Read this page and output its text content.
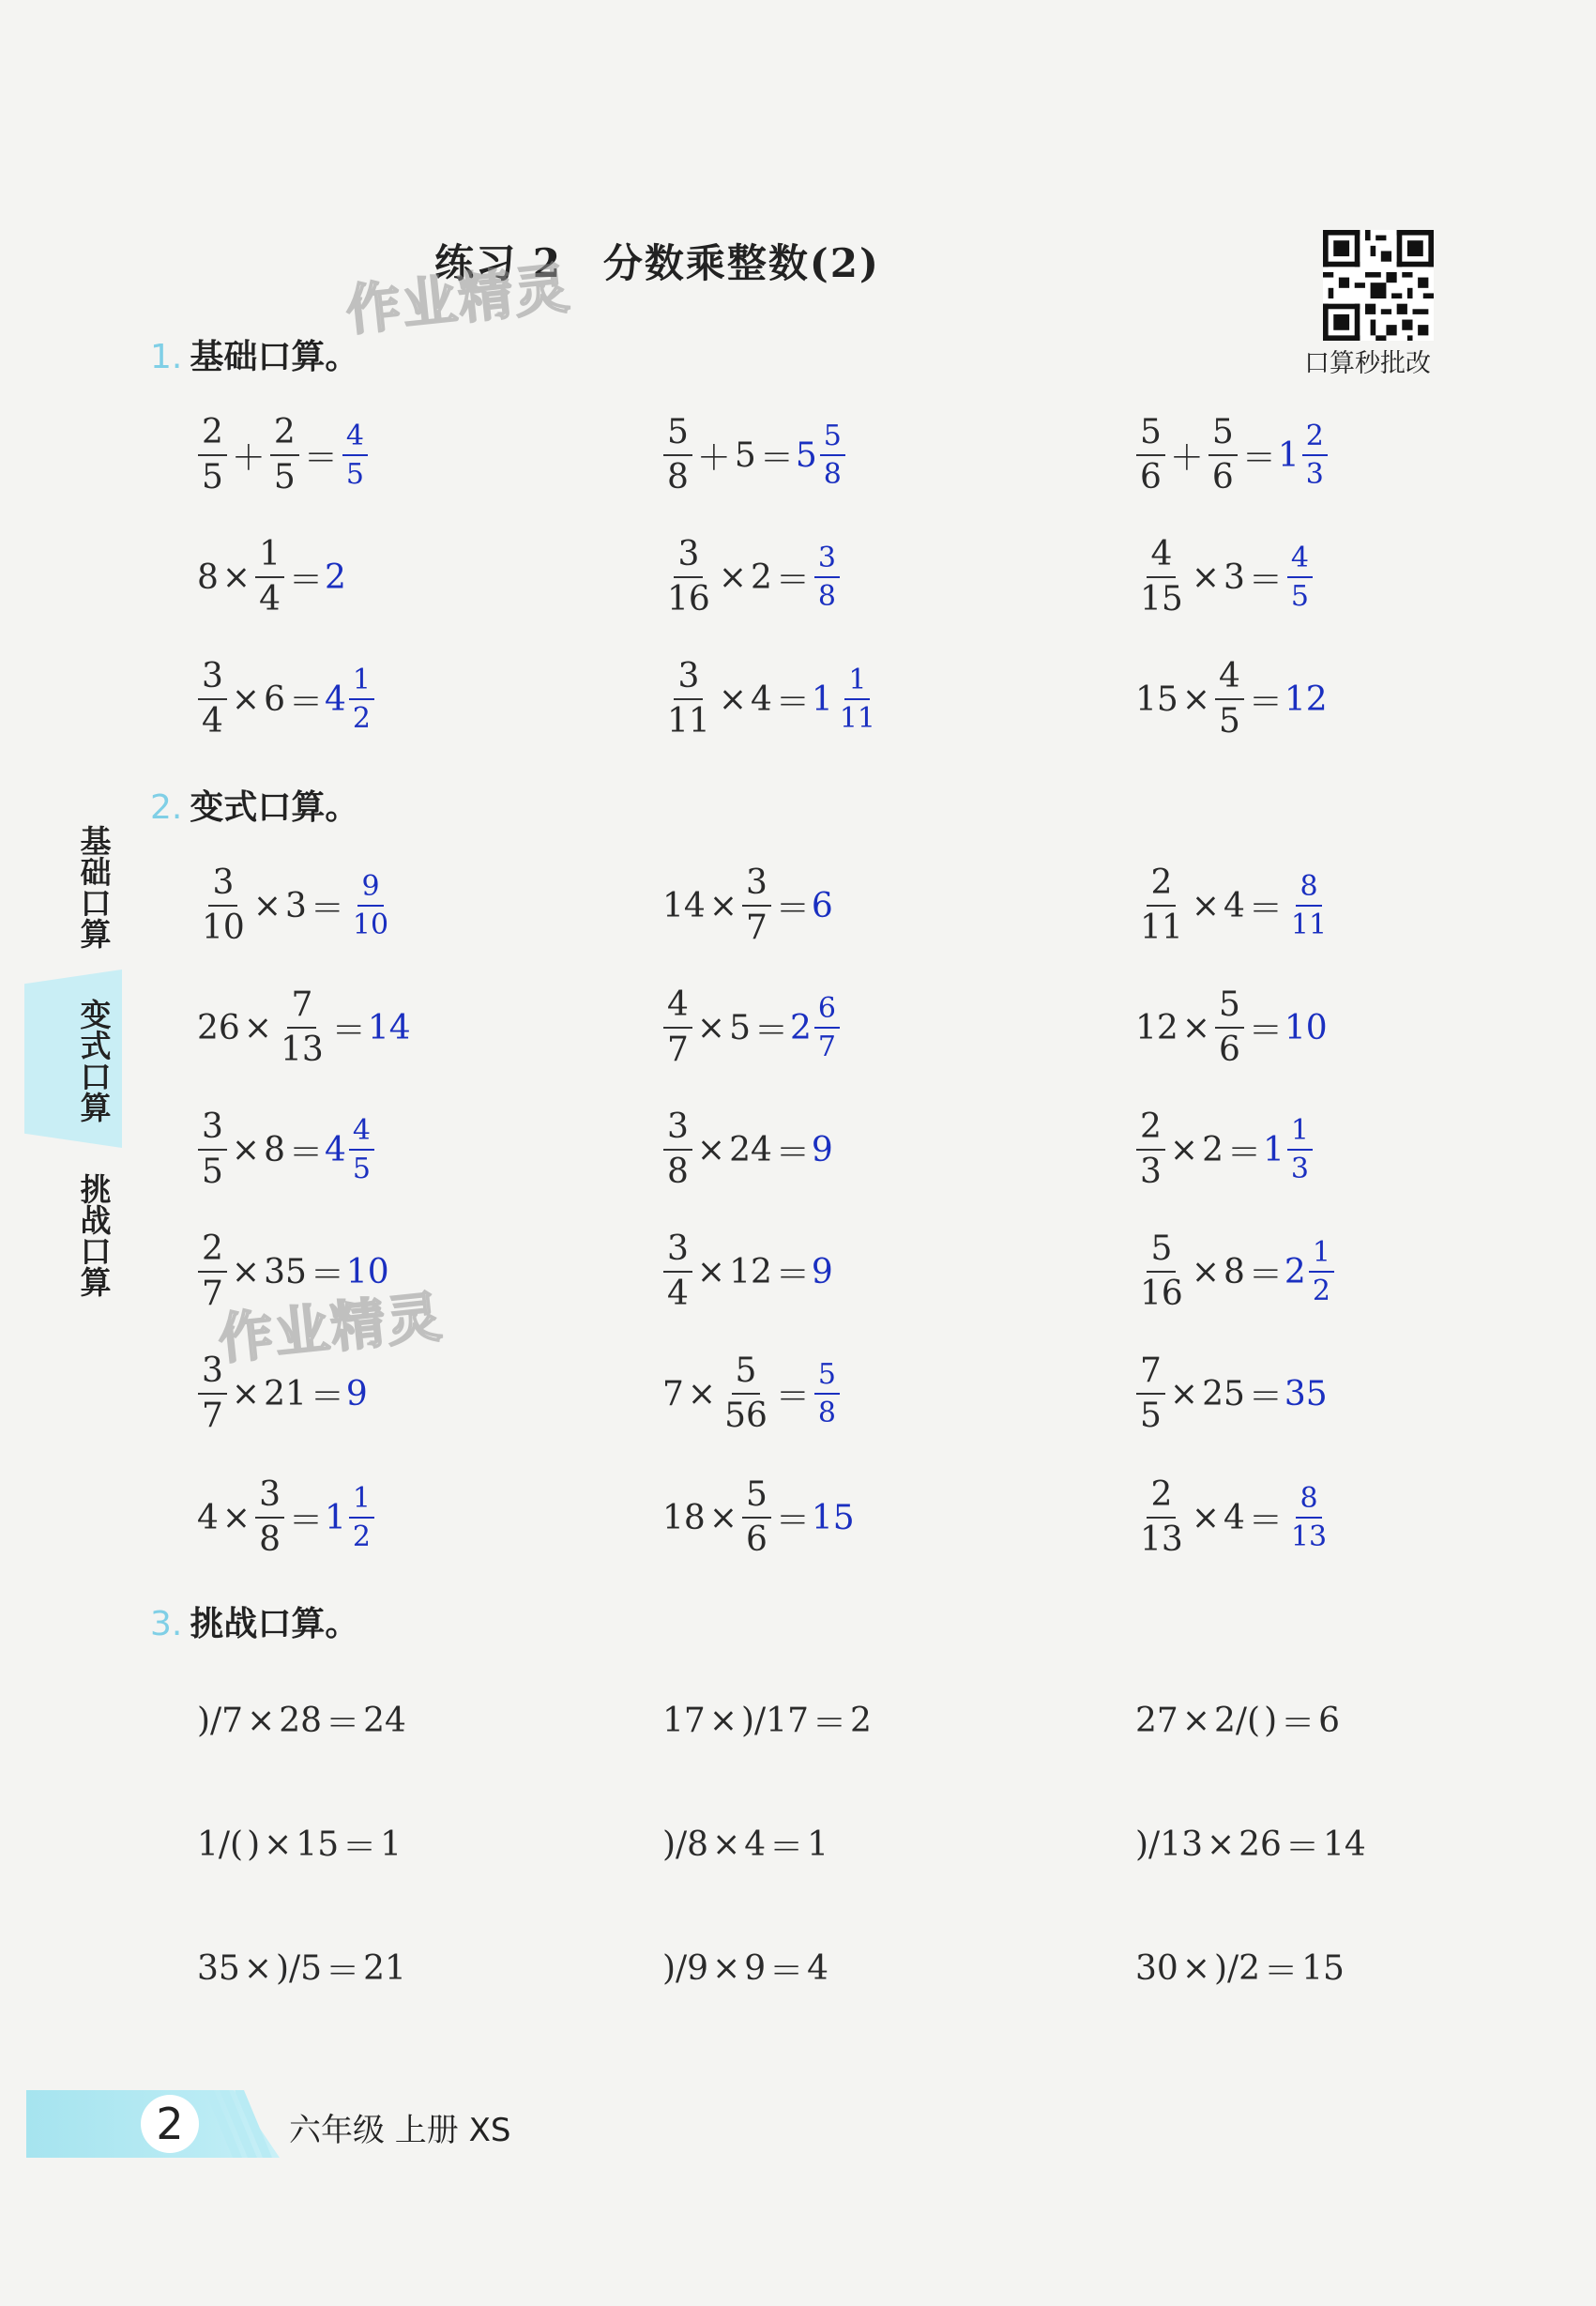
练习 2　分数乘整数(2)
作业精灵
口算秒批改
1. 基础口算。
2. 变式口算。
3. 挑战口算。
$\frac{2}{5} + \frac{2}{5} = \frac{4}{5}$	$\frac{5}{8} + 5 = 5 \frac{5}{8}$	$\frac{5}{6} + \frac{5}{6} = 1 \frac{2}{3}$
$8 \times \frac{1}{4} = 2$	$\frac{3}{16} \times 2 = \frac{3}{8}$	$\frac{4}{15} \times 3 = \frac{4}{5}$
$\frac{3}{4} \times 6 = 4 \frac{1}{2}$	$\frac{3}{11} \times 4 = 1 \frac{1}{11}$	$15 \times \frac{4}{5} = 12$
$\frac{3}{10} \times 3 = \frac{9}{10}$	$14 \times \frac{3}{7} = 6$	$\frac{2}{11} \times 4 = \frac{8}{11}$
$26 \times \frac{7}{13} = 14$	$\frac{4}{7} \times 5 = 2 \frac{6}{7}$	$12 \times \frac{5}{6} = 10$
$\frac{3}{5} \times 8 = 4 \frac{4}{5}$	$\frac{3}{8} \times 24 = 9$	$\frac{2}{3} \times 2 = 1 \frac{1}{3}$
$\frac{2}{7} \times 35 = 10$	$\frac{3}{4} \times 12 = 9$	$\frac{5}{16} \times 8 = 2 \frac{1}{2}$
$\frac{3}{7} \times 21 = 9$	$7 \times \frac{5}{56} = \frac{5}{8}$	$\frac{7}{5} \times 25 = 35$
$4 \times \frac{3}{8} = 1 \frac{1}{2}$	$18 \times \frac{5}{6} = 15$	$\frac{2}{13} \times 4 = \frac{8}{13}$
)/7 × 28 ＝ 24	17 × )/17 ＝ 2	27 × 2/( ) ＝ 6
1/( ) × 15 ＝ 1	)/8 × 4 ＝ 1	)/13 × 26 ＝ 14
35 × )/5 ＝ 21	)/9 × 9 ＝ 4	30 × )/2 ＝ 15
作业精灵
基础口算
变式口算
挑战口算
2	六年级 上册 XS
